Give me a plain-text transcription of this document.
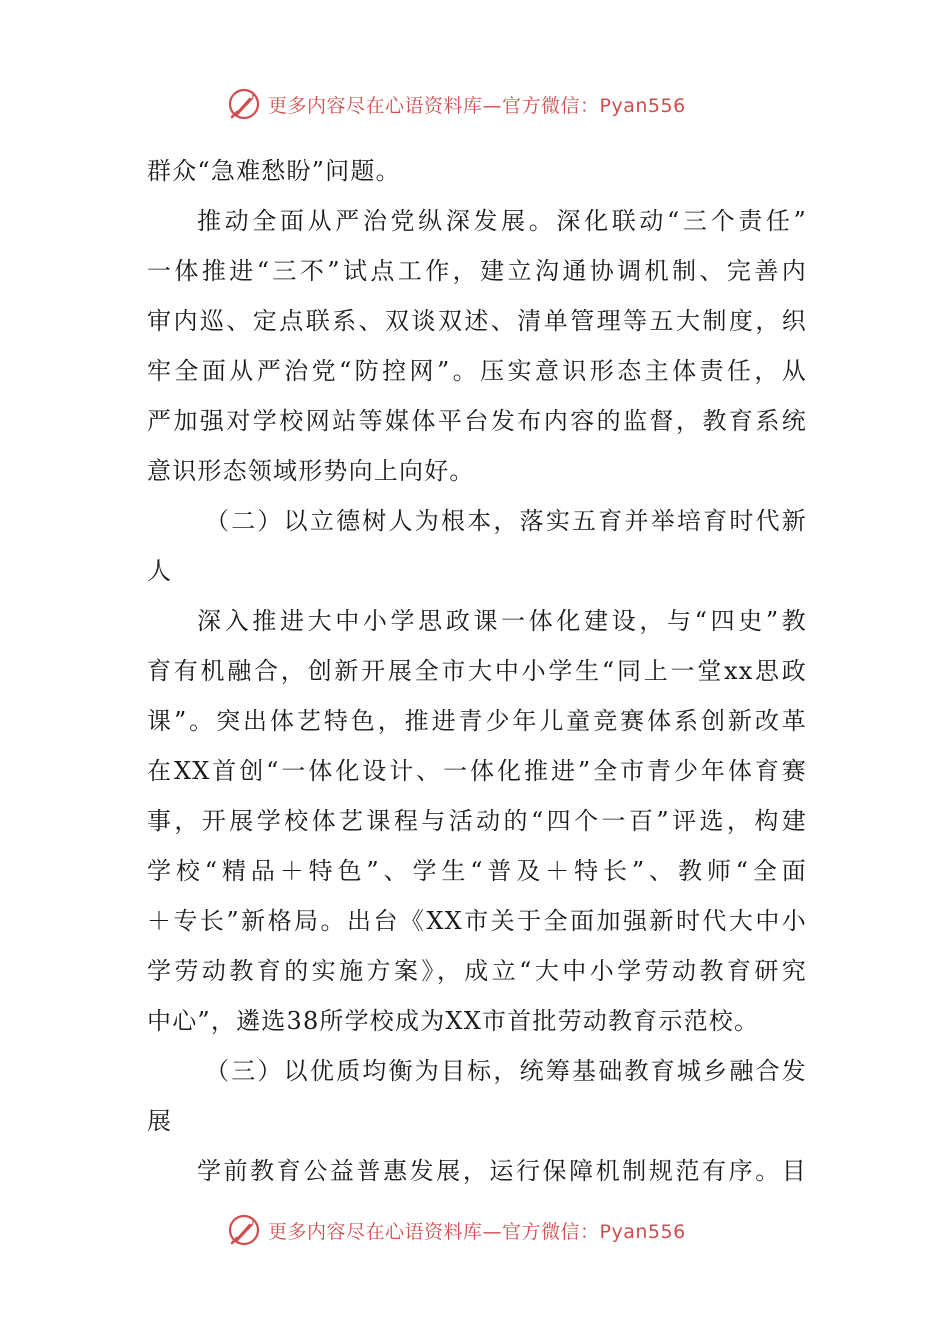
更多内容尽在心语资料库—官方微信：Pyan556
群众“急难愁盼”问题。
推动全面从严治党纵深发展。深化联动“三个责任”
一体推进“三不”试点工作，建立沟通协调机制、完善内
审内巡、定点联系、双谈双述、清单管理等五大制度，织
牢全面从严治党“防控网”。压实意识形态主体责任，从
严加强对学校网站等媒体平台发布内容的监督，教育系统
意识形态领域形势向上向好。
（二）以立德树人为根本，落实五育并举培育时代新
人
深入推进大中小学思政课一体化建设，与“四史”教
育有机融合，创新开展全市大中小学生“同上一堂xx思政
课”。突出体艺特色，推进青少年儿童竞赛体系创新改革
在XX首创“一体化设计、一体化推进”全市青少年体育赛
事，开展学校体艺课程与活动的“四个一百”评选，构建
学校“精品＋特色”、学生“普及＋特长”、教师“全面
＋专长”新格局。出台《XX市关于全面加强新时代大中小
学劳动教育的实施方案》，成立“大中小学劳动教育研究
中心”，遴选38所学校成为XX市首批劳动教育示范校。
（三）以优质均衡为目标，统筹基础教育城乡融合发
展
学前教育公益普惠发展，运行保障机制规范有序。目
更多内容尽在心语资料库—官方微信：Pyan556
